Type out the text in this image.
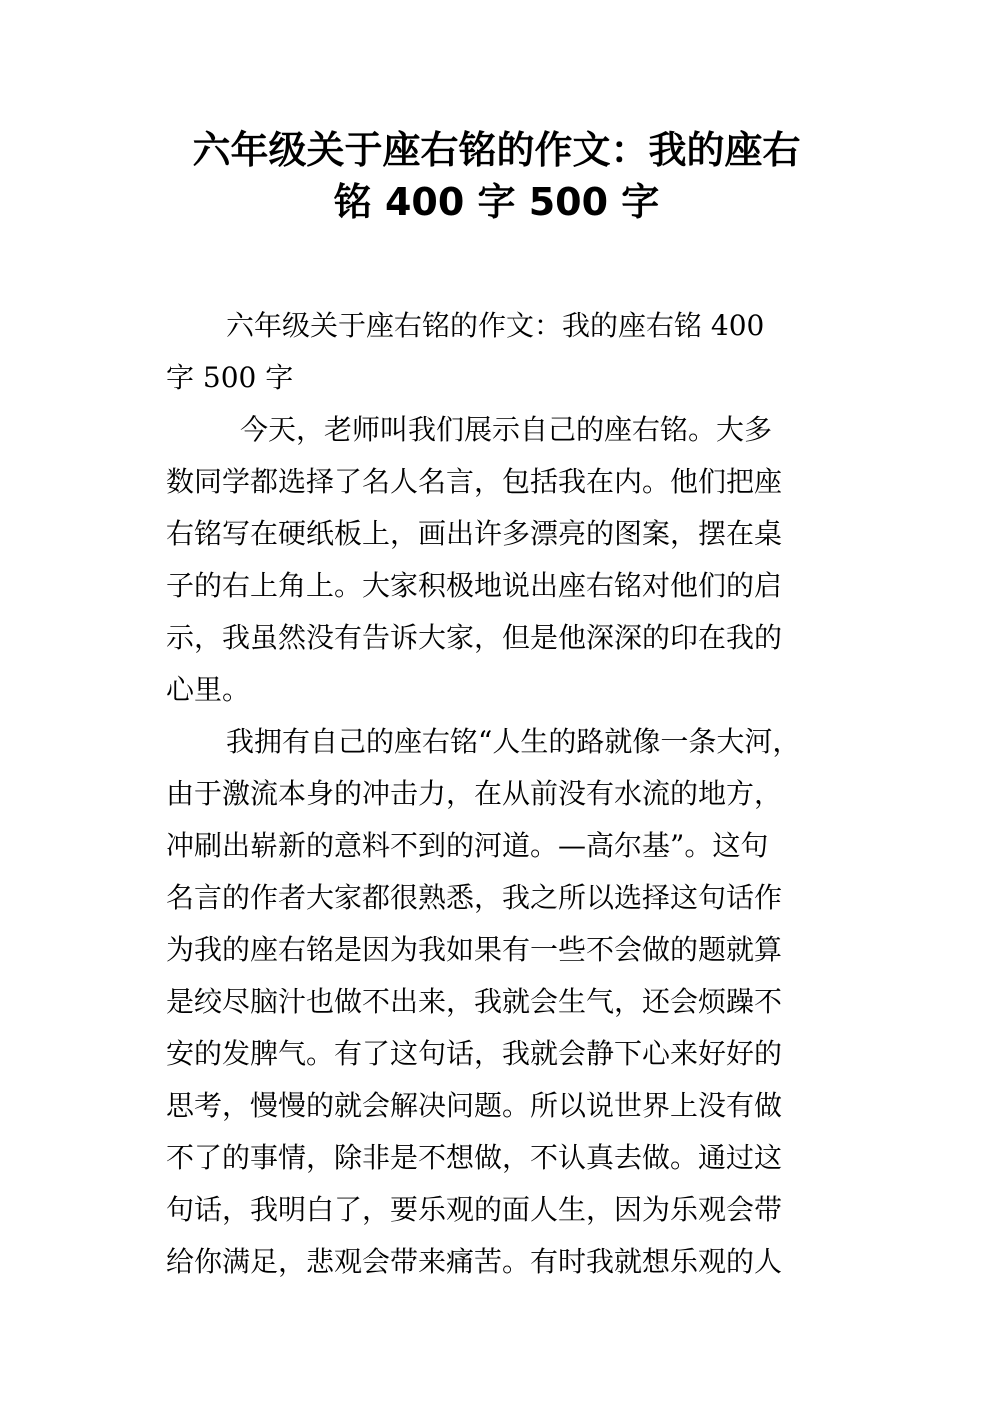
六年级关于座右铭的作文：我的座右
铭 400 字 500 字
六年级关于座右铭的作文：我的座右铭 400
字 500 字
今天，老师叫我们展示自己的座右铭。大多
数同学都选择了名人名言，包括我在内。他们把座
右铭写在硬纸板上，画出许多漂亮的图案，摆在桌
子的右上角上。大家积极地说出座右铭对他们的启
示，我虽然没有告诉大家，但是他深深的印在我的
心里。
我拥有自己的座右铭“人生的路就像一条大河，
由于激流本身的冲击力，在从前没有水流的地方，
冲刷出崭新的意料不到的河道。—高尔基”。这句
名言的作者大家都很熟悉，我之所以选择这句话作
为我的座右铭是因为我如果有一些不会做的题就算
是绞尽脑汁也做不出来，我就会生气，还会烦躁不
安的发脾气。有了这句话，我就会静下心来好好的
思考，慢慢的就会解决问题。所以说世界上没有做
不了的事情，除非是不想做，不认真去做。通过这
句话，我明白了，要乐观的面人生，因为乐观会带
给你满足，悲观会带来痛苦。有时我就想乐观的人
